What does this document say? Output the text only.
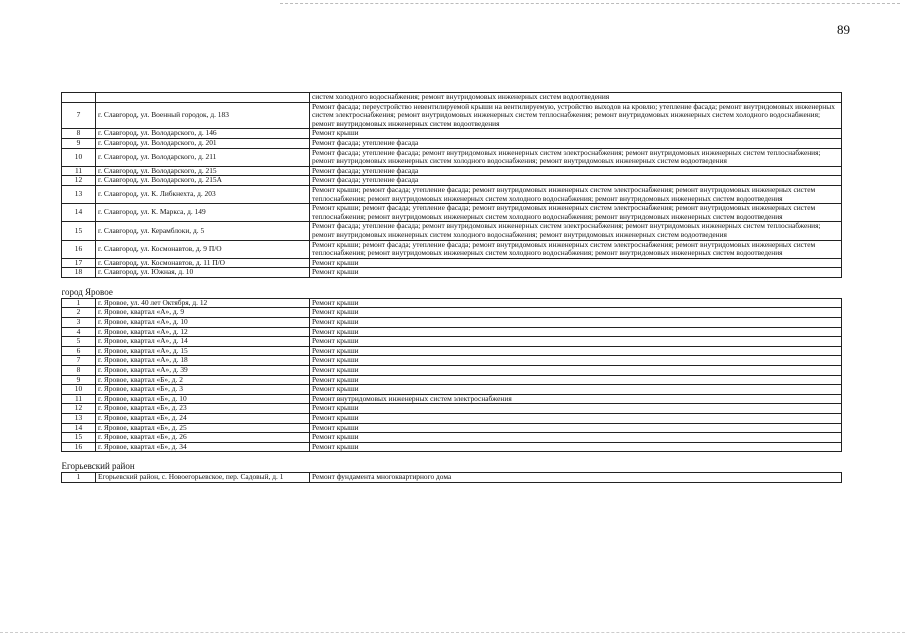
89
		систем холодного водоснабжения; ремонт внутридомовых инженерных систем водоотведения
7	г. Славгород, ул. Военный городок, д. 183	Ремонт фасада; переустройство невентилируемой крыши на вентилируемую, устройство выходов на кровлю; утепление фасада; ремонт внутридомовых инженерных систем электроснабжения; ремонт внутридомовых инженерных систем теплоснабжения; ремонт внутридомовых инженерных систем холодного водоснабжения; ремонт внутридомовых инженерных систем водоотведения
8	г. Славгород, ул. Володарского, д. 146	Ремонт крыши
9	г. Славгород, ул. Володарского, д. 201	Ремонт фасада; утепление фасада
10	г. Славгород, ул. Володарского, д. 211	Ремонт фасада; утепление фасада; ремонт внутридомовых инженерных систем электроснабжения; ремонт внутридомовых инженерных систем теплоснабжения; ремонт внутридомовых инженерных систем холодного водоснабжения; ремонт внутридомовых инженерных систем водоотведения
11	г. Славгород, ул. Володарского, д. 215	Ремонт фасада; утепление фасада
12	г. Славгород, ул. Володарского, д. 215А	Ремонт фасада; утепление фасада
13	г. Славгород, ул. К. Либкнехта, д. 203	Ремонт крыши; ремонт фасада; утепление фасада; ремонт внутридомовых инженерных систем электроснабжения; ремонт внутридомовых инженерных систем теплоснабжения; ремонт внутридомовых инженерных систем холодного водоснабжения; ремонт внутридомовых инженерных систем водоотведения
14	г. Славгород, ул. К. Маркса, д. 149	Ремонт крыши; ремонт фасада; утепление фасада; ремонт внутридомовых инженерных систем электроснабжения; ремонт внутридомовых инженерных систем теплоснабжения; ремонт внутридомовых инженерных систем холодного водоснабжения; ремонт внутридомовых инженерных систем водоотведения
15	г. Славгород, ул. Керамблоки, д. 5	Ремонт фасада; утепление фасада; ремонт внутридомовых инженерных систем электроснабжения; ремонт внутридомовых инженерных систем теплоснабжения; ремонт внутридомовых инженерных систем холодного водоснабжения; ремонт внутридомовых инженерных систем водоотведения
16	г. Славгород, ул. Космонавтов, д. 9 П/О	Ремонт крыши; ремонт фасада; утепление фасада; ремонт внутридомовых инженерных систем электроснабжения; ремонт внутридомовых инженерных систем теплоснабжения; ремонт внутридомовых инженерных систем холодного водоснабжения; ремонт внутридомовых инженерных систем водоотведения
17	г. Славгород, ул. Космонавтов, д. 11 П/О	Ремонт крыши
18	г. Славгород, ул. Южная, д. 10	Ремонт крыши
город Яровое		
1	г. Яровое, ул. 40 лет Октября, д. 12	Ремонт крыши
2	г. Яровое, квартал «А», д. 9	Ремонт крыши
3	г. Яровое, квартал «А», д. 10	Ремонт крыши
4	г. Яровое, квартал «А», д. 12	Ремонт крыши
5	г. Яровое, квартал «А», д. 14	Ремонт крыши
6	г. Яровое, квартал «А», д. 15	Ремонт крыши
7	г. Яровое, квартал «А», д. 18	Ремонт крыши
8	г. Яровое, квартал «А», д. 39	Ремонт крыши
9	г. Яровое, квартал «Б», д. 2	Ремонт крыши
10	г. Яровое, квартал «Б», д. 3	Ремонт крыши
11	г. Яровое, квартал «Б», д. 10	Ремонт внутридомовых инженерных систем электроснабжения
12	г. Яровое, квартал «Б», д. 23	Ремонт крыши
13	г. Яровое, квартал «Б», д. 24	Ремонт крыши
14	г. Яровое, квартал «Б», д. 25	Ремонт крыши
15	г. Яровое, квартал «Б», д. 26	Ремонт крыши
16	г. Яровое, квартал «Б», д. 34	Ремонт крыши
Егорьевский район		
1	Егорьевский район, с. Новоегорьевское, пер. Садовый, д. 1	Ремонт фундамента многоквартирного дома
